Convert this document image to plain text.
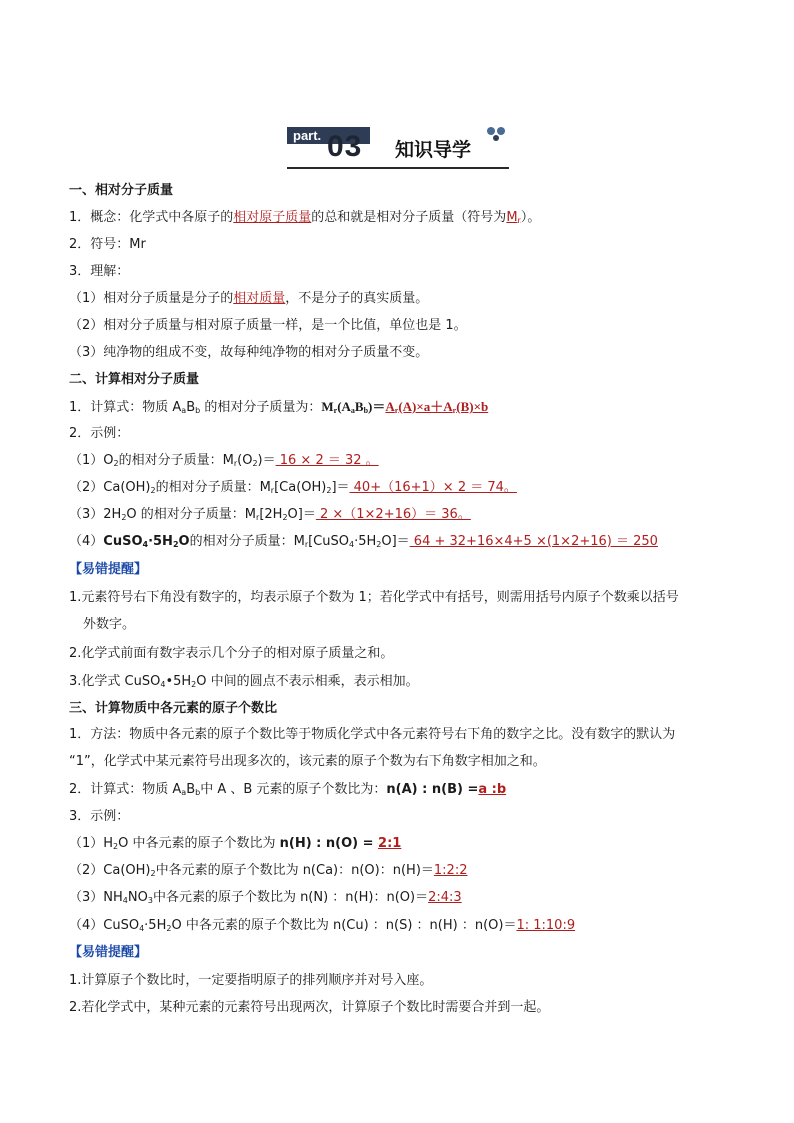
part. 03 知识导学
一、相对分子质量
1．概念：化学式中各原子的相对原子质量的总和就是相对分子质量（符号为$M_r$）。
2．符号：Mr
3．理解：
（1）相对分子质量是分子的相对质量，不是分子的真实质量。
（2）相对分子质量与相对原子质量一样，是一个比值，单位也是 1。
（3）纯净物的组成不变，故每种纯净物的相对分子质量不变。
二、计算相对分子质量
1．计算式：物质 $A_aB_b$ 的相对分子质量为：$M_r(A_aB_b)=A_r(A)\times a+A_r(B)\times b$
2．示例：
$(1)O_2$的相对分子质量：$M_r(O_2)= 16 \times 2 = 32$ 。
$(2)Ca(OH)_2$的相对分子质量：$M_r[Ca(OH)_2]= 40+(16+1)\times 2 = 74$。
$(3)2H_2O$ 的相对分子质量：$M_r[2H_2O]= 2 \times(1\times 2+16)= 36$。
$(4)CuSO_4\cdot 5H_2O$的相对分子质量：$M_r[CuSO_4\cdot 5H_2O]= 64 + 32+16\times 4+5 \times(1\times 2+16) = 250$
【易错提醒】
1.元素符号右下角没有数字的，均表示原子个数为 1；若化学式中有括号，则需用括号内原子个数乘以括号
外数字。
2.化学式前面有数字表示几个分子的相对原子质量之和。
3.化学式 $CuSO_4•5H_2O$ 中间的圆点不表示相乘，表示相加。
三、计算物质中各元素的原子个数比
1．方法：物质中各元素的原子个数比等于物质化学式中各元素符号右下角的数字之比。没有数字的默认为
“1”，化学式中某元素符号出现多次的，该元素的原子个数为右下角数字相加之和。
2．计算式：物质 $A_aB_b$中 A 、B 元素的原子个数比为：n(A) : n(B) =a :b
3．示例：
$(1)H_2O$ 中各元素的原子个数比为 n(H) : n(O) = 2:1
$(2)Ca(OH)_2$中各元素的原子个数比为 n(Ca)：n(O)：n(H)＝1:2:2
$(3)NH_4NO_3$中各元素的原子个数比为 n(N) ：n(H)：n(O)＝2:4:3
$(4)CuSO_4\cdot 5H_2O$ 中各元素的原子个数比为 n(Cu) ：n(S) ：n(H) ：n(O)＝1: 1:10:9
【易错提醒】
1.计算原子个数比时，一定要指明原子的排列顺序并对号入座。
2.若化学式中，某种元素的元素符号出现两次，计算原子个数比时需要合并到一起。
